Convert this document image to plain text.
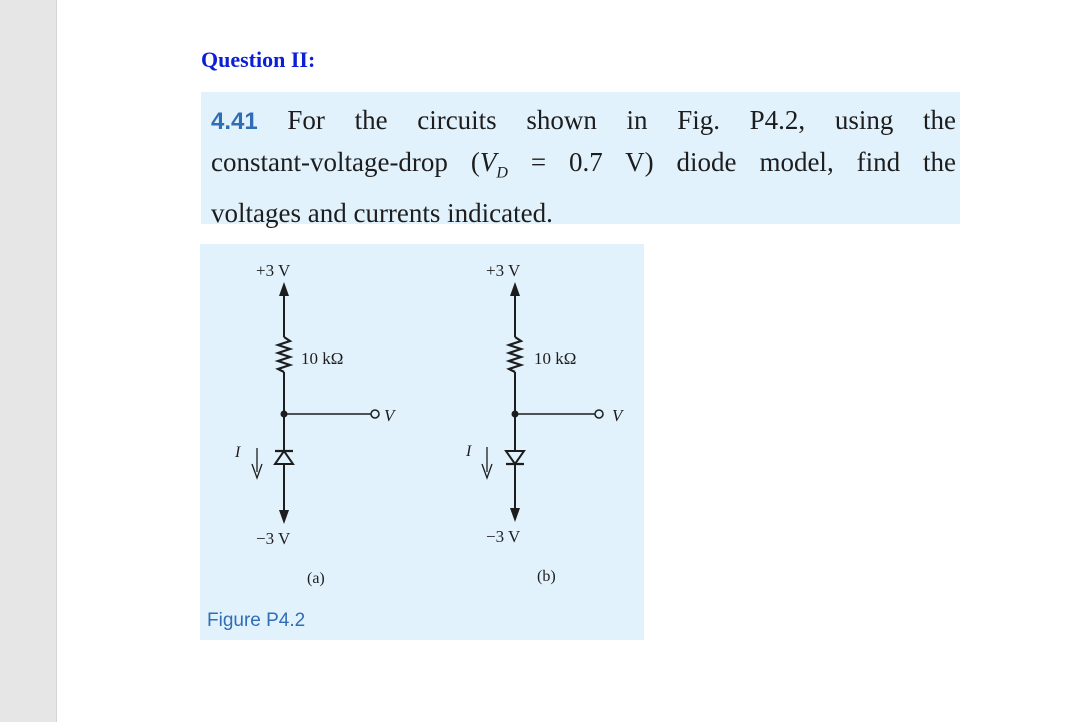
Question II:
4.41 For the circuits shown in Fig. P4.2, using the
constant-voltage-drop ($V_D = 0.7$ V) diode model, find the
voltages and currents indicated.
+3 V
10 kΩ
V
I
−3 V
(a)
+3 V
10 kΩ
V
I
−3 V
(b)
Figure P4.2
